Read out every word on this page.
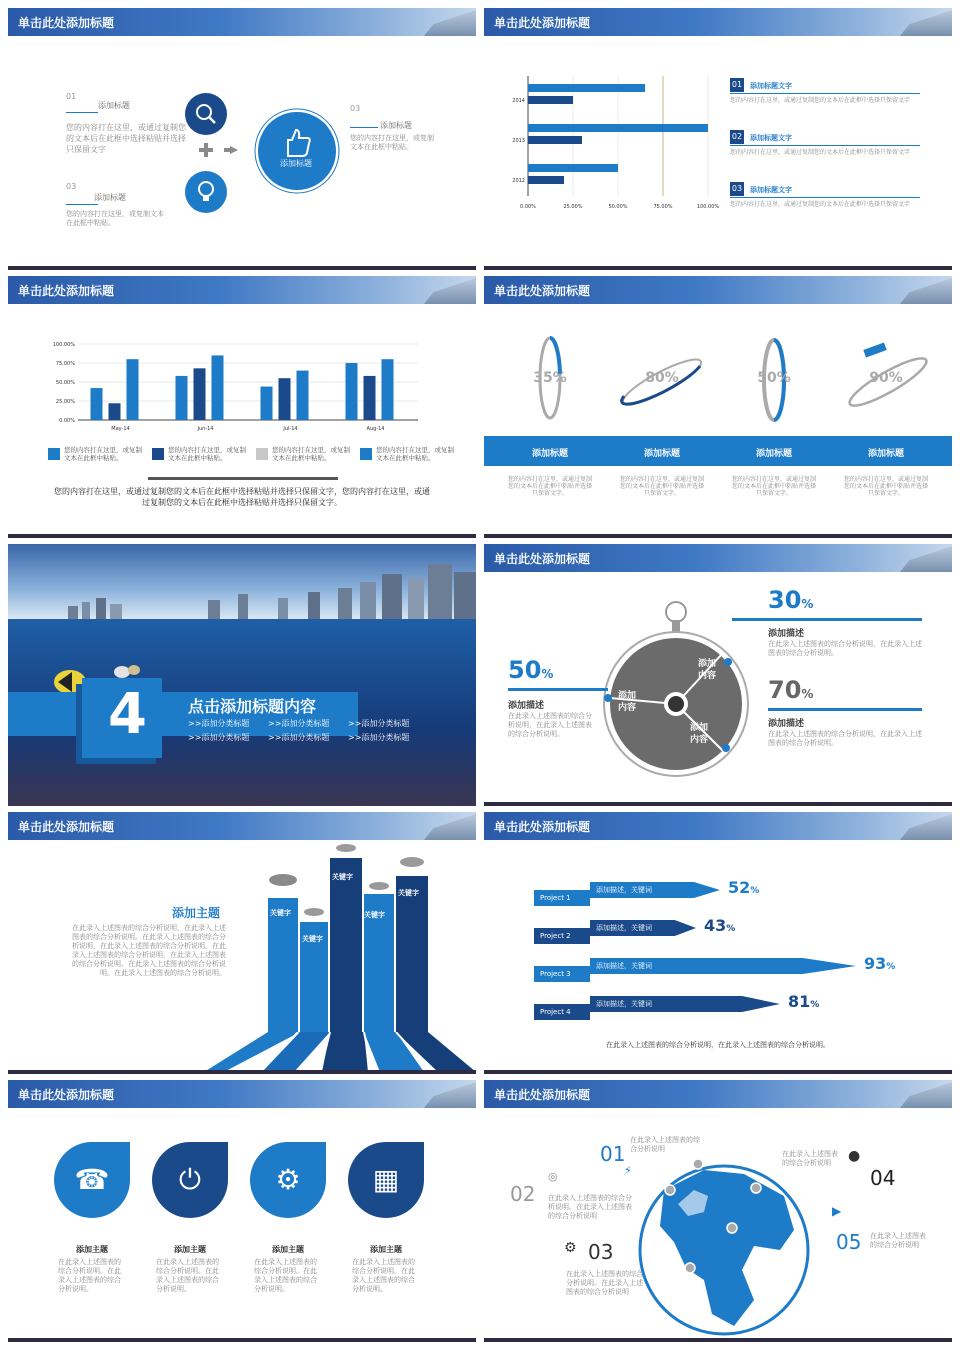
单击此处添加标题
01
添加标题
您的内容打在这里，或通过复制您的文本后在此框中选择粘贴并选择只保留文字
03
添加标题
您的内容打在这里，或复制文本在此框中粘贴。
添加标题
03
添加标题
您的内容打在这里，或复制文本在此框中粘贴。
单击此处添加标题
0.00%	25.00%	50.00%	75.00%	100.00%
2014
2013
2012
01 添加标题文字
您的内容打在这里，或通过复制您的文本后在此框中选择只保留文字
02 添加标题文字
您的内容打在这里，或通过复制您的文本后在此框中选择只保留文字
03 添加标题文字
您的内容打在这里，或通过复制您的文本后在此框中选择只保留文字
单击此处添加标题
0.00%
25.00%
50.00%
75.00%
100.00%
May-14	Jun-14	Jul-14	Aug-14
您的内容打在这里，或复制文本在此框中粘贴。
您的内容打在这里，或复制文本在此框中粘贴。
您的内容打在这里，或复制文本在此框中粘贴。
您的内容打在这里，或复制文本在此框中粘贴。
您的内容打在这里，或通过复制您的文本后在此框中选择粘贴并选择只保留文字，您的内容打在这里，或通过复制您的文本后在此框中选择粘贴并选择只保留文字。
单击此处添加标题
35%
添加标题
您的内容打在这里，或通过复制您的文本后在此框中粘贴并选择只保留文字。
80%
添加标题
您的内容打在这里，或通过复制您的文本后在此框中粘贴并选择只保留文字。
50%
添加标题
您的内容打在这里，或通过复制您的文本后在此框中粘贴并选择只保留文字。
90%
添加标题
您的内容打在这里，或通过复制您的文本后在此框中粘贴并选择只保留文字。
4	点击添加标题内容
>>添加分类标题 >>添加分类标题 >>添加分类标题
>>添加分类标题 >>添加分类标题 >>添加分类标题
单击此处添加标题
添加内容
添加内容
添加内容
30%
添加描述
在此录入上述图表的综合分析说明，在此录入上述图表的综合分析说明。
70%
添加描述
在此录入上述图表的综合分析说明，在此录入上述图表的综合分析说明。
50%
添加描述
在此录入上述图表的综合分析说明，在此录入上述图表的综合分析说明。
单击此处添加标题
添加主题
在此录入上述图表的综合分析说明，在此录入上述图表的综合分析说明。在此录入上述图表的综合分析说明，在此录入上述图表的综合分析说明。在此录入上述图表的综合分析说明，在此录入上述图表的综合分析说明。在此录入上述图表的综合分析说明。在此录入上述图表的综合分析说明。
关键字
关键字
关键字
关键字
关键字
单击此处添加标题
Project 1
添加描述，关键词	52%
Project 2
添加描述，关键词	43%
Project 3
添加描述，关键词	93%
Project 4
添加描述，关键词	81%
在此录入上述图表的综合分析说明，在此录入上述图表的综合分析说明。
单击此处添加标题
☎
添加主题
在此录入上述图表的综合分析说明。在此录入上述图表的综合分析说明。
⏻
添加主题
在此录入上述图表的综合分析说明。在此录入上述图表的综合分析说明。
⚙
添加主题
在此录入上述图表的综合分析说明。在此录入上述图表的综合分析说明。
▦
添加主题
在此录入上述图表的综合分析说明。在此录入上述图表的综合分析说明。
单击此处添加标题
01
在此录入上述图表的综合分析说明
⚡
02
◎
在此录入上述图表的综合分析说明。在此录入上述图表的综合分析说明
⚙ 03
在此录入上述图表的综合分析说明。在此录入上述图表的综合分析说明
在此录入上述图表的综合分析说明	●
04
▶
05 在此录入上述图表的综合分析说明
